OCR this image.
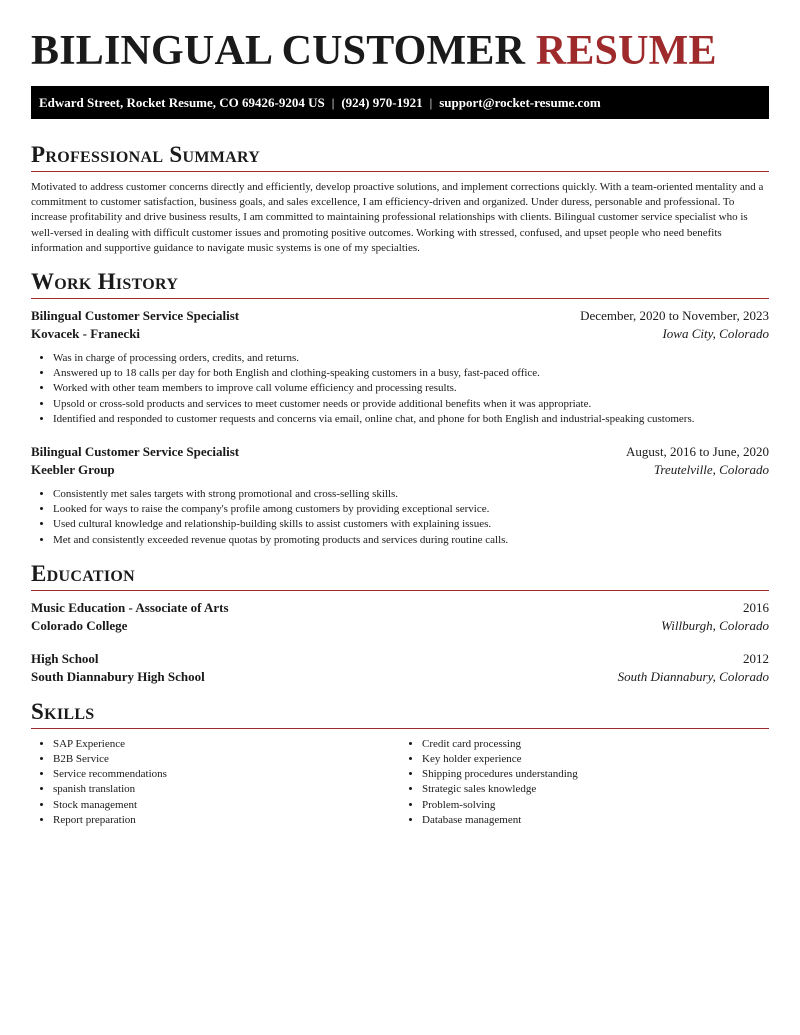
BILINGUAL CUSTOMER RESUME
Edward Street, Rocket Resume, CO 69426-9204 US | (924) 970-1921 | support@rocket-resume.com
Professional Summary

Motivated to address customer concerns directly and efficiently, develop proactive solutions, and implement corrections quickly. With a team-oriented mentality and a commitment to customer satisfaction, business goals, and sales excellence, I am efficiency-driven and organized. Under duress, personable and professional. To increase profitability and drive business results, I am committed to maintaining professional relationships with clients. Bilingual customer service specialist who is well-versed in dealing with difficult customer issues and promoting positive outcomes. Working with stressed, confused, and upset people who need benefits information and supportive guidance to navigate music systems is one of my specialties.

Work History
Bilingual Customer Service Specialist	December, 2020 to November, 2023
Kovacek - Franecki	Iowa City, Colorado
• Was in charge of processing orders, credits, and returns.
• Answered up to 18 calls per day for both English and clothing-speaking customers in a busy, fast-paced office.
• Worked with other team members to improve call volume efficiency and processing results.
• Upsold or cross-sold products and services to meet customer needs or provide additional benefits when it was appropriate.
• Identified and responded to customer requests and concerns via email, online chat, and phone for both English and industrial-speaking customers.
Bilingual Customer Service Specialist	August, 2016 to June, 2020
Keebler Group	Treutelville, Colorado
• Consistently met sales targets with strong promotional and cross-selling skills.
• Looked for ways to raise the company's profile among customers by providing exceptional service.
• Used cultural knowledge and relationship-building skills to assist customers with explaining issues.
• Met and consistently exceeded revenue quotas by promoting products and services during routine calls.
Education
Music Education - Associate of Arts	2016
Colorado College	Willburgh, Colorado
High School	2012
South Diannabury High School	South Diannabury, Colorado
Skills
• SAP Experience
• B2B Service
• Service recommendations
• spanish translation
• Stock management
• Report preparation
• Credit card processing
• Key holder experience
• Shipping procedures understanding
• Strategic sales knowledge
• Problem-solving
• Database management
